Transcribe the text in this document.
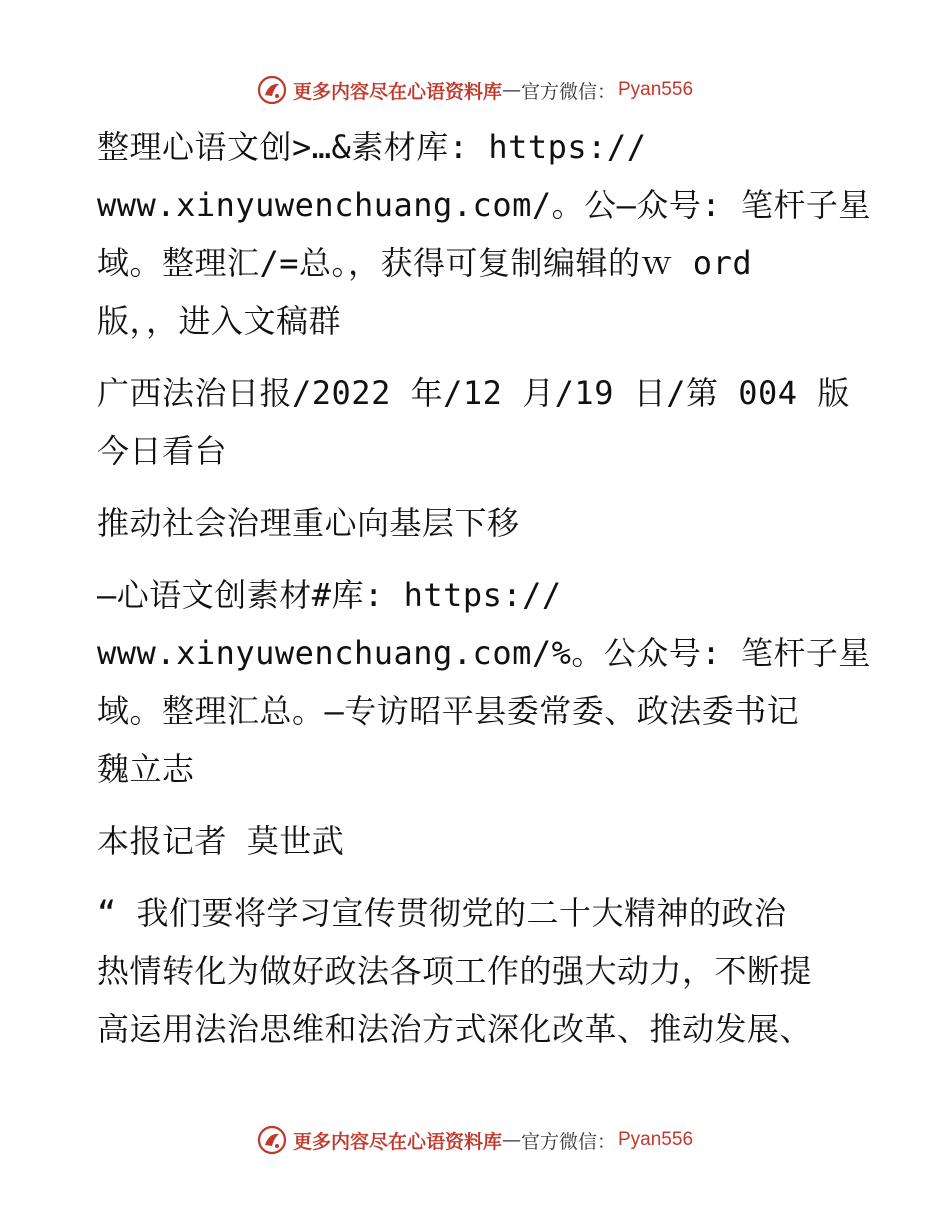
更多内容尽在心语资料库 — 官方微信： Pyan556

整理心语文创>…&素材库: https://

www.xinyuwenchuang.com/。公—众号: 笔杆子星

域。整理汇/=总。，获得可复制编辑的ｗ ord

版，，进入文稿群

广西法治日报/2022 年/12 月/19 日/第 004 版

今日看台

推动社会治理重心向基层下移

—心语文创素材#库: https://

www.xinyuwenchuang.com/%。公众号: 笔杆子星

域。整理汇总。—专访昭平县委常委、政法委书记

魏立志

本报记者 莫世武

“ 我们要将学习宣传贯彻党的二十大精神的政治

热情转化为做好政法各项工作的强大动力，不断提

高运用法治思维和法治方式深化改革、推动发展、

更多内容尽在心语资料库 — 官方微信： Pyan556
